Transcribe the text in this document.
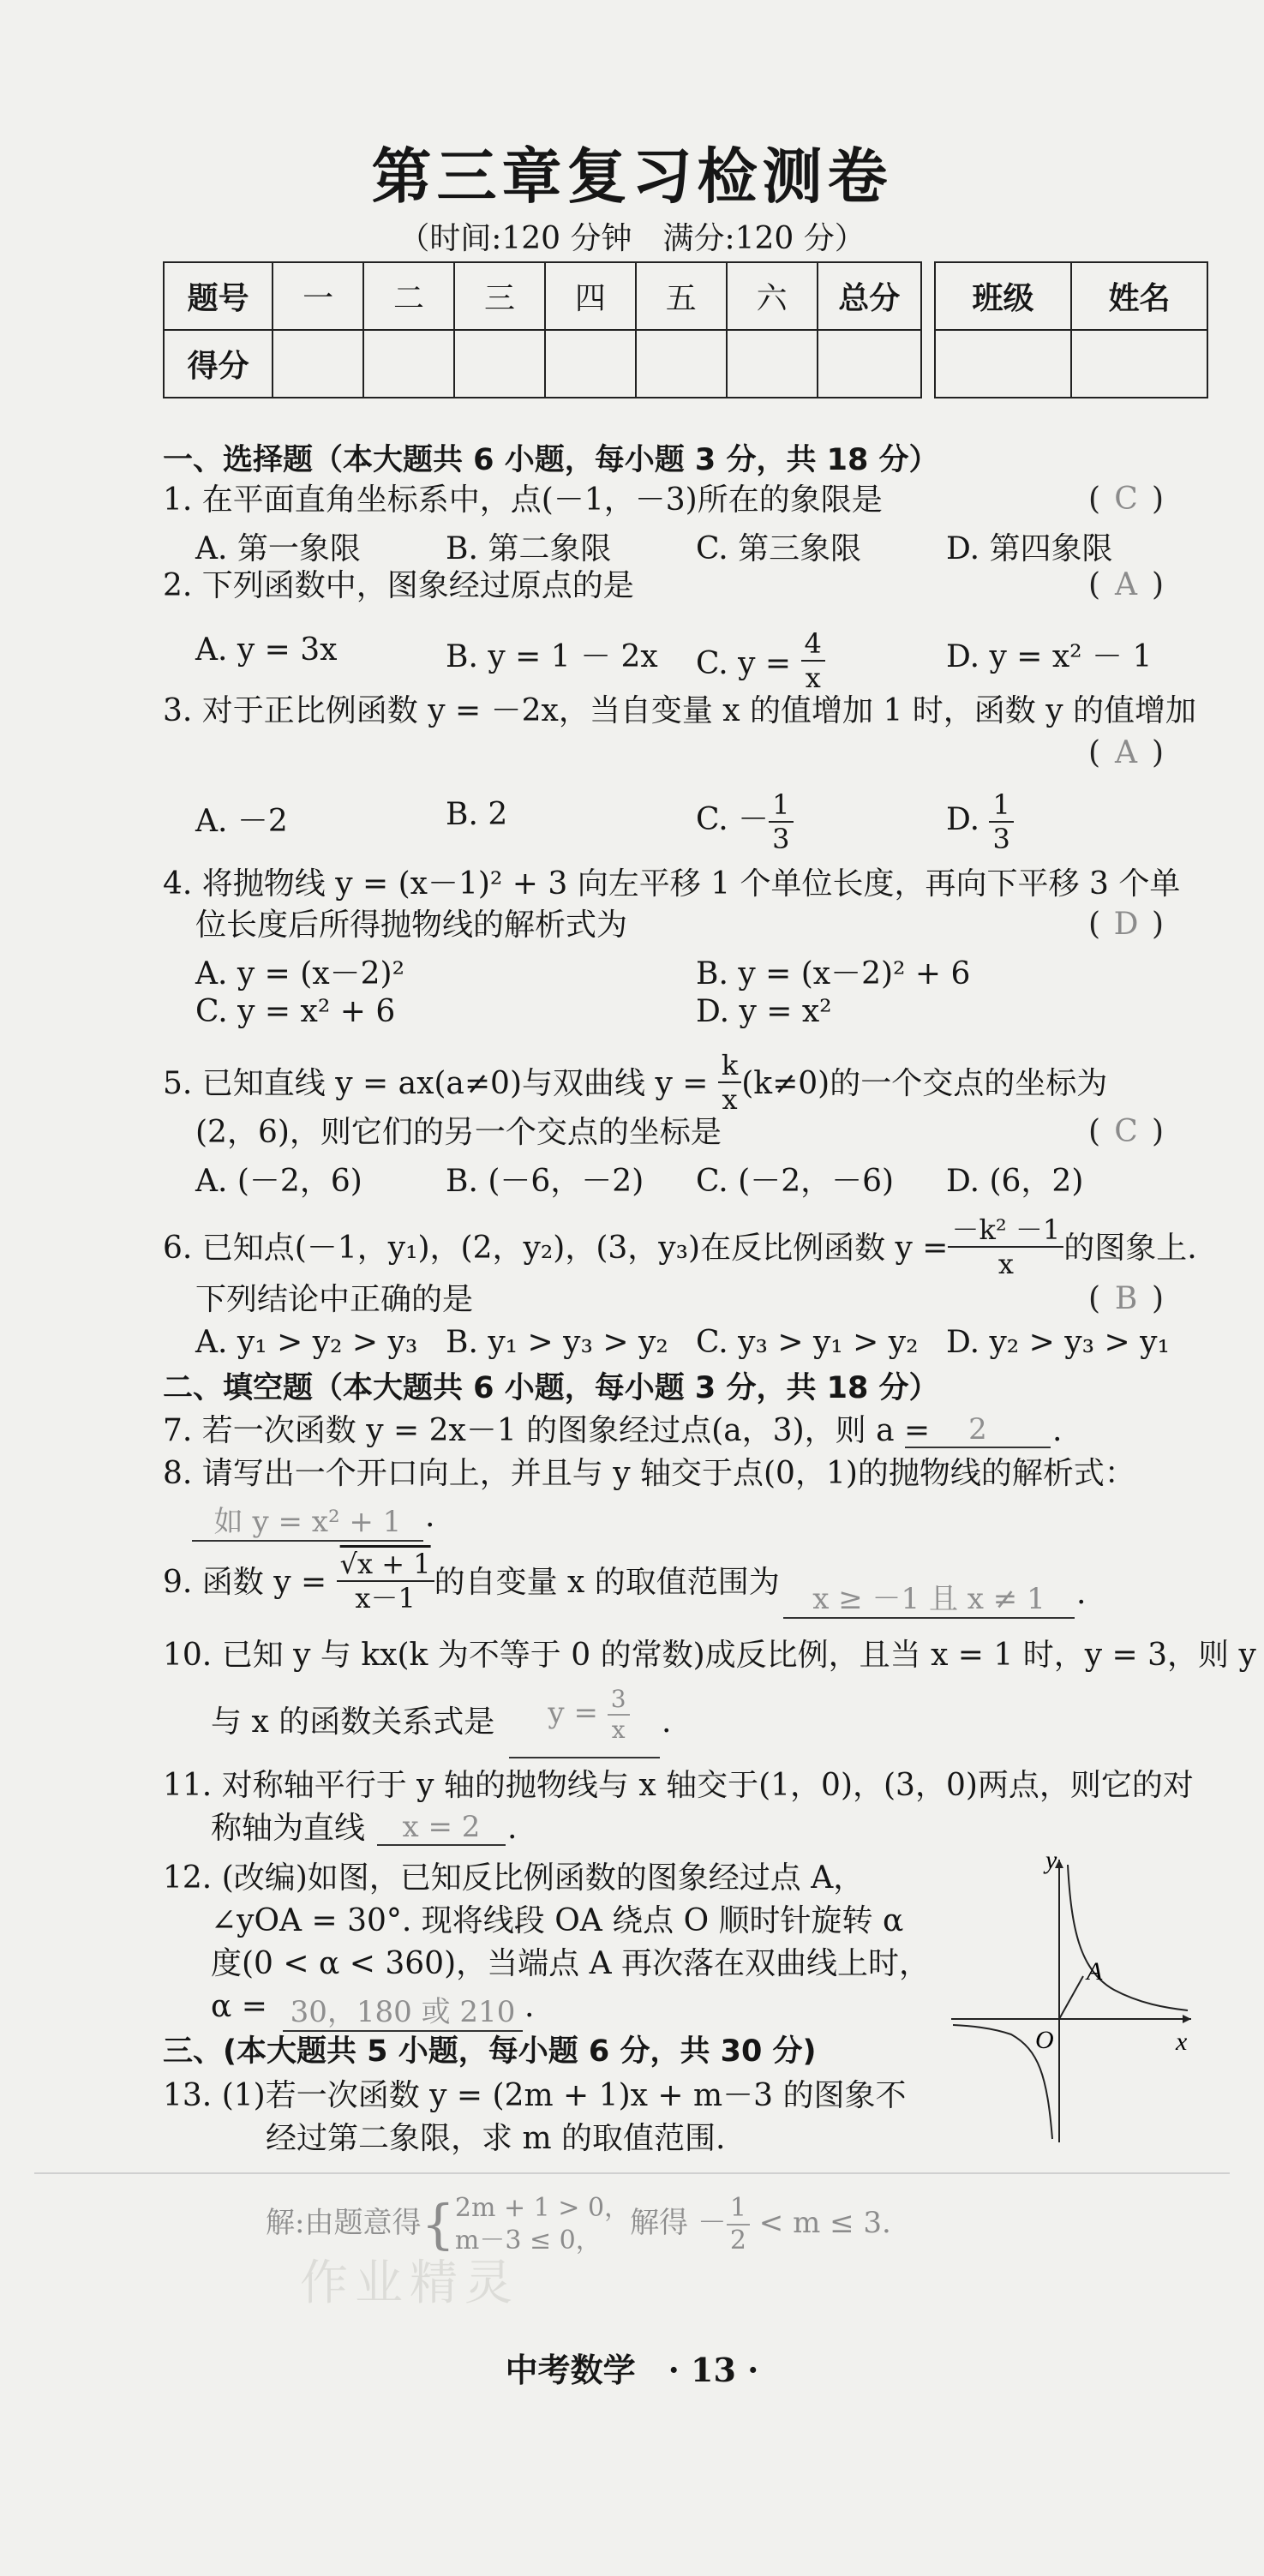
第三章复习检测卷
（时间:120 分钟　满分:120 分）
题号	一	二	三	四	五	六	总分
得分							
班级	姓名

一、选择题（本大题共 6 小题，每小题 3 分，共 18 分）
1. 在平面直角坐标系中，点(－1，－3)所在的象限是	( C )
A. 第一象限	B. 第二象限	C. 第三象限	D. 第四象限
2. 下列函数中，图象经过原点的是	( A )
A. y = 3x	B. y = 1 － 2x C. $y = \frac{4}{x}$	D. y = x² － 1
3. 对于正比例函数 y = －2x，当自变量 x 的值增加 1 时，函数 y 的值增加
( A )
A. －2	B. 2	C. － $\frac{1}{3}$	D. $\frac{1}{3}$
4. 将抛物线 y = (x－1)² + 3 向左平移 1 个单位长度，再向下平移 3 个单
位长度后所得抛物线的解析式为	( D )
A. y = (x－2)²	B. y = (x－2)² + 6
C. y = x² + 6	D. y = x²
5. 已知直线 y = ax(a≠0)与双曲线 $y = \frac{k}{x} (k\ne 0)$的一个交点的坐标为
(2，6)，则它们的另一个交点的坐标是	( C )
A. (－2，6)	B. (－6，－2) C. (－2，－6) D. (6，2)
6. 已知点(－1，y₁)，(2，y₂)，(3，y₃)在反比例函数 $y = \frac{\text{－k² －1}}{x}$ 的图象上.
下列结论中正确的是	( B )
A. y₁ > y₂ > y₃ B. y₁ > y₃ > y₂ C. y₃ > y₁ > y₂ D. y₂ > y₃ > y₁
二、填空题（本大题共 6 小题，每小题 3 分，共 18 分）
7. 若一次函数 y = 2x－1 的图象经过点(a，3)，则 a =	2	.
8. 请写出一个开口向上，并且与 y 轴交于点(0，1)的抛物线的解析式：
如 y = x² + 1 .
9. 函数 $y = \frac{√x + 1}{x-1}$ 的自变量 x 的取值范围为	x ≥ －1 且 x ≠ 1	.
10. 已知 y 与 kx(k 为不等于 0 的常数)成反比例，且当 x = 1 时，y = 3，则 y
与 x 的函数关系式是	$y = \frac{3}{x}$ .
11. 对称轴平行于 y 轴的抛物线与 x 轴交于(1，0)，(3，0)两点，则它的对
称轴为直线	x = 2 .
12. (改编)如图，已知反比例函数的图象经过点 A，
∠yOA = 30°. 现将线段 OA 绕点 O 顺时针旋转 α
度(0 < α < 360)，当端点 A 再次落在双曲线上时，
α = 30，180 或 210 .
y
x
O
A
三、(本大题共 5 小题，每小题 6 分，共 30 分)
13. (1)若一次函数 y = (2m + 1)x + m－3 的图象不
经过第二象限，求 m 的取值范围.
解:由题意得{ 2m + 1 > 0，
m－3 ≤ 0，
解得 － $\frac{1}{2} < m \le 3$.
作业精灵
中考数学　· 13 ·
